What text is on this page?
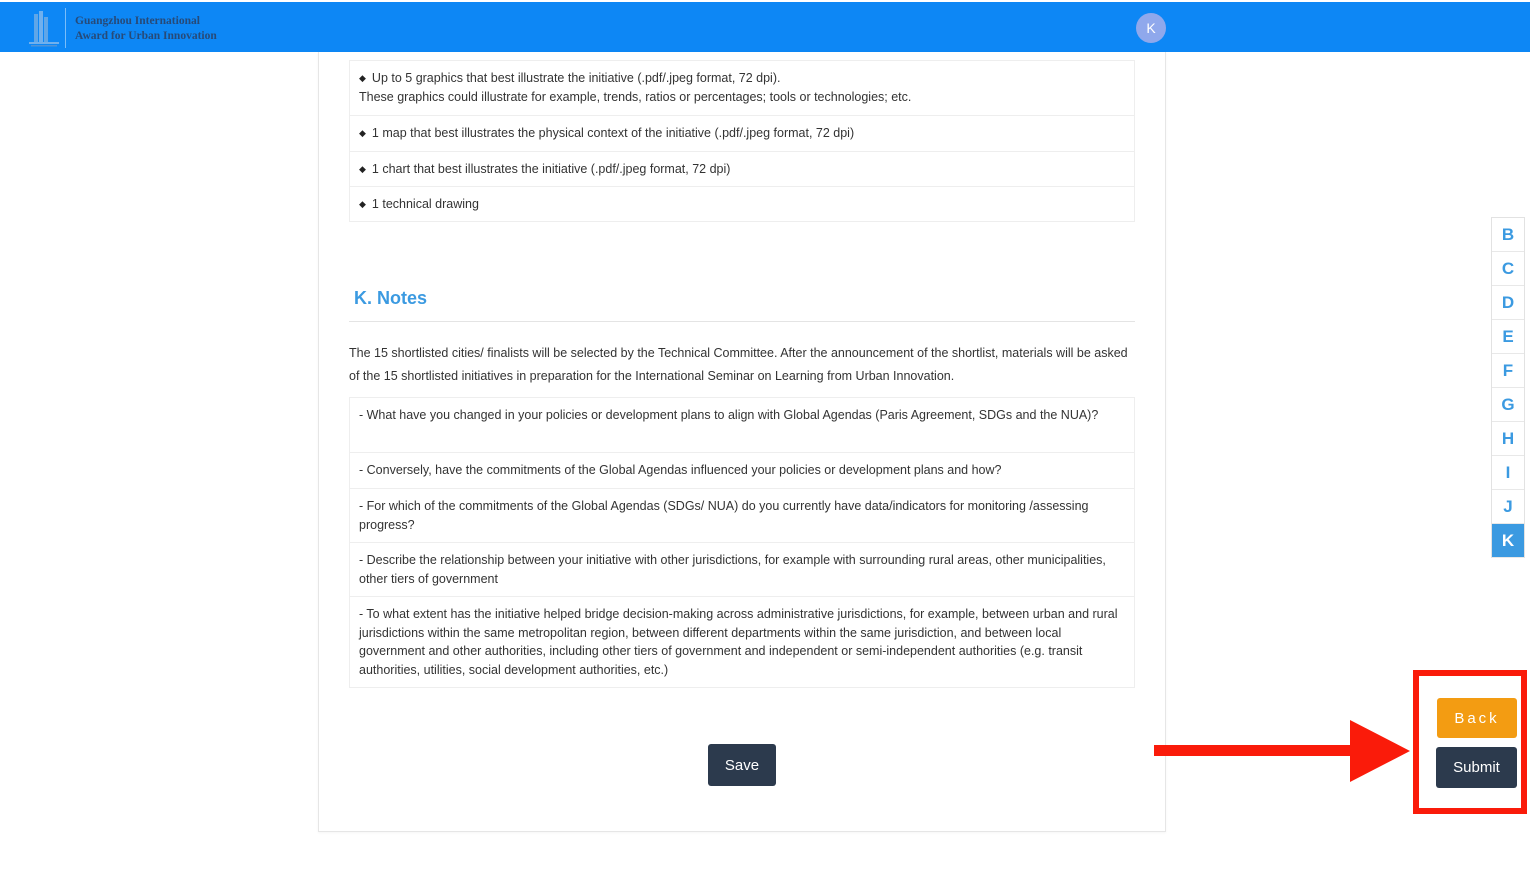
Guangzhou International
Award for Urban Innovation	K
◆ Up to 5 graphics that best illustrate the initiative (.pdf/.jpeg format, 72 dpi).
These graphics could illustrate for example, trends, ratios or percentages; tools or technologies; etc.
◆ 1 map that best illustrates the physical context of the initiative (.pdf/.jpeg format, 72 dpi)
◆ 1 chart that best illustrates the initiative (.pdf/.jpeg format, 72 dpi)
◆ 1 technical drawing
K. Notes
The 15 shortlisted cities/ finalists will be selected by the Technical Committee. After the announcement of the shortlist, materials will be asked of the 15 shortlisted initiatives in preparation for the International Seminar on Learning from Urban Innovation.
- What have you changed in your policies or development plans to align with Global Agendas (Paris Agreement, SDGs and the NUA)?
- Conversely, have the commitments of the Global Agendas influenced your policies or development plans and how?
- For which of the commitments of the Global Agendas (SDGs/ NUA) do you currently have data/indicators for monitoring /assessing progress?
- Describe the relationship between your initiative with other jurisdictions, for example with surrounding rural areas, other municipalities, other tiers of government
- To what extent has the initiative helped bridge decision-making across administrative jurisdictions, for example, between urban and rural jurisdictions within the same metropolitan region, between different departments within the same jurisdiction, and between local government and other authorities, including other tiers of government and independent or semi-independent authorities (e.g. transit authorities, utilities, social development authorities, etc.)
Save
B
C
D
E
F
G
H
I
J
K
Back
Submit
